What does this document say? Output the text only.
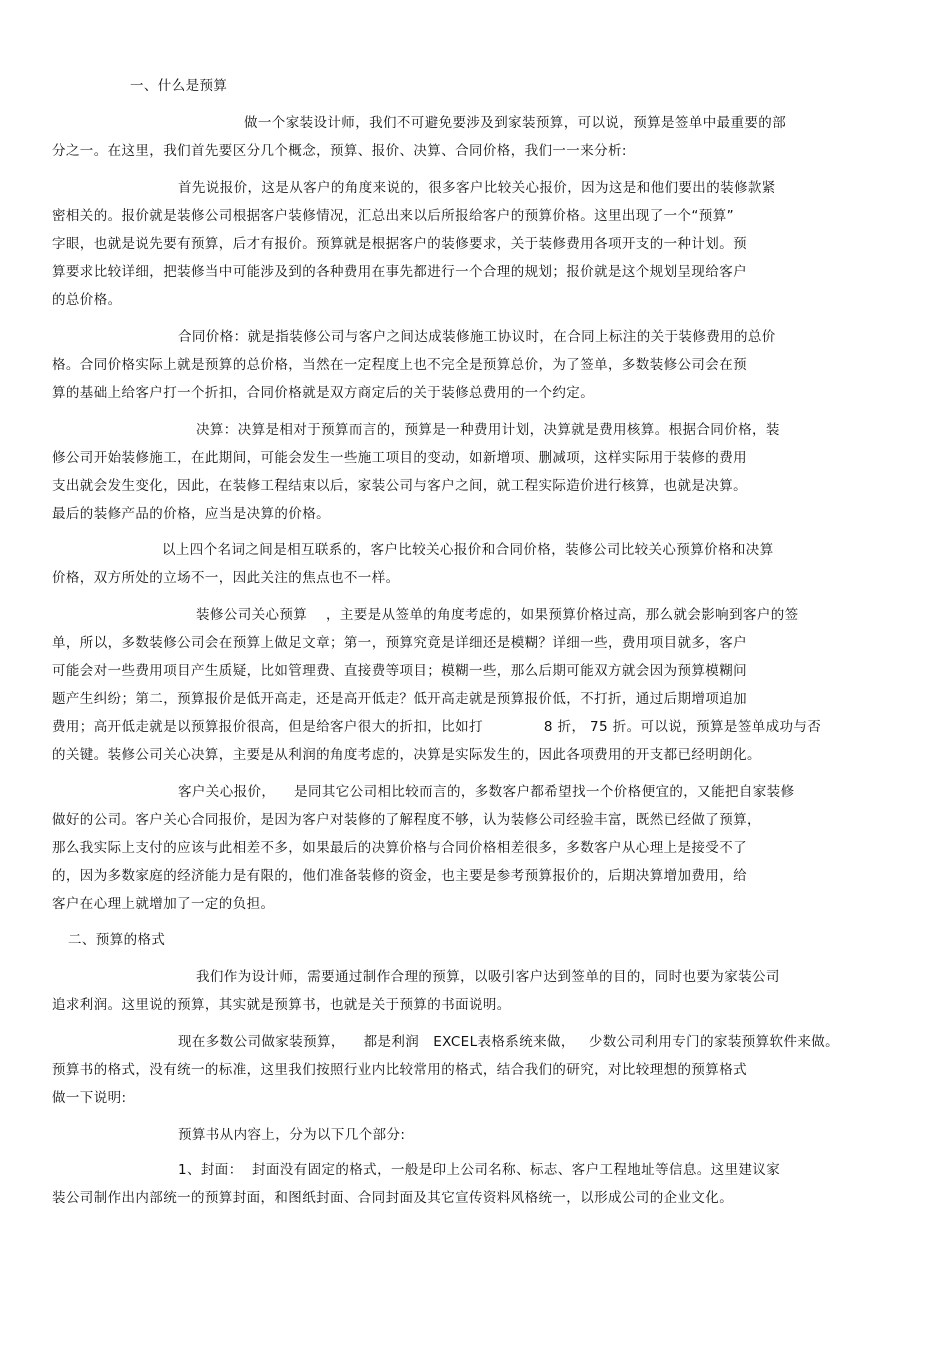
一、什么是预算
做一个家装设计师，我们不可避免要涉及到家装预算，可以说，预算是签单中最重要的部
分之一。在这里，我们首先要区分几个概念，预算、报价、决算、合同价格，我们一一来分析:
首先说报价，这是从客户的角度来说的，很多客户比较关心报价，因为这是和他们要出的装修款紧
密相关的。报价就是装修公司根据客户装修情况，汇总出来以后所报给客户的预算价格。这里出现了一个“预算”
字眼，也就是说先要有预算，后才有报价。预算就是根据客户的装修要求，关于装修费用各项开支的一种计划。预
算要求比较详细，把装修当中可能涉及到的各种费用在事先都进行一个合理的规划；报价就是这个规划呈现给客户
的总价格。
合同价格：就是指装修公司与客户之间达成装修施工协议时，在合同上标注的关于装修费用的总价
格。合同价格实际上就是预算的总价格，当然在一定程度上也不完全是预算总价，为了签单，多数装修公司会在预
算的基础上给客户打一个折扣，合同价格就是双方商定后的关于装修总费用的一个约定。
决算：决算是相对于预算而言的，预算是一种费用计划，决算就是费用核算。根据合同价格，装
修公司开始装修施工，在此期间，可能会发生一些施工项目的变动，如新增项、删减项，这样实际用于装修的费用
支出就会发生变化，因此，在装修工程结束以后，家装公司与客户之间，就工程实际造价进行核算，也就是决算。
最后的装修产品的价格，应当是决算的价格。
以上四个名词之间是相互联系的，客户比较关心报价和合同价格，装修公司比较关心预算价格和决算
价格，双方所处的立场不一，因此关注的焦点也不一样。
装修公司关心预算    ，主要是从签单的角度考虑的，如果预算价格过高，那么就会影响到客户的签
单，所以，多数装修公司会在预算上做足文章；第一，预算究竟是详细还是模糊？详细一些，费用项目就多，客户
可能会对一些费用项目产生质疑，比如管理费、直接费等项目；模糊一些，那么后期可能双方就会因为预算模糊问
题产生纠纷；第二，预算报价是低开高走，还是高开低走？低开高走就是预算报价低，不打折，通过后期增项追加
费用；高开低走就是以预算报价很高，但是给客户很大的折扣，比如打             8 折， 75 折。可以说，预算是签单成功与否
的关键。装修公司关心决算，主要是从利润的角度考虑的，决算是实际发生的，因此各项费用的开支都已经明朗化。
客户关心报价，    是同其它公司相比较而言的，多数客户都希望找一个价格便宜的，又能把自家装修
做好的公司。客户关心合同报价，是因为客户对装修的了解程度不够，认为装修公司经验丰富，既然已经做了预算，
那么我实际上支付的应该与此相差不多，如果最后的决算价格与合同价格相差很多，多数客户从心理上是接受不了
的，因为多数家庭的经济能力是有限的，他们准备装修的资金，也主要是参考预算报价的，后期决算增加费用，给
客户在心理上就增加了一定的负担。
二、预算的格式
我们作为设计师，需要通过制作合理的预算，以吸引客户达到签单的目的，同时也要为家装公司
追求利润。这里说的预算，其实就是预算书，也就是关于预算的书面说明。
现在多数公司做家装预算，    都是利润   EXCEL表格系统来做，   少数公司利用专门的家装预算软件来做。
预算书的格式，没有统一的标准，这里我们按照行业内比较常用的格式，结合我们的研究，对比较理想的预算格式
做一下说明:
预算书从内容上，分为以下几个部分:
1、封面：  封面没有固定的格式，一般是印上公司名称、标志、客户工程地址等信息。这里建议家
装公司制作出内部统一的预算封面，和图纸封面、合同封面及其它宣传资料风格统一，以形成公司的企业文化。
